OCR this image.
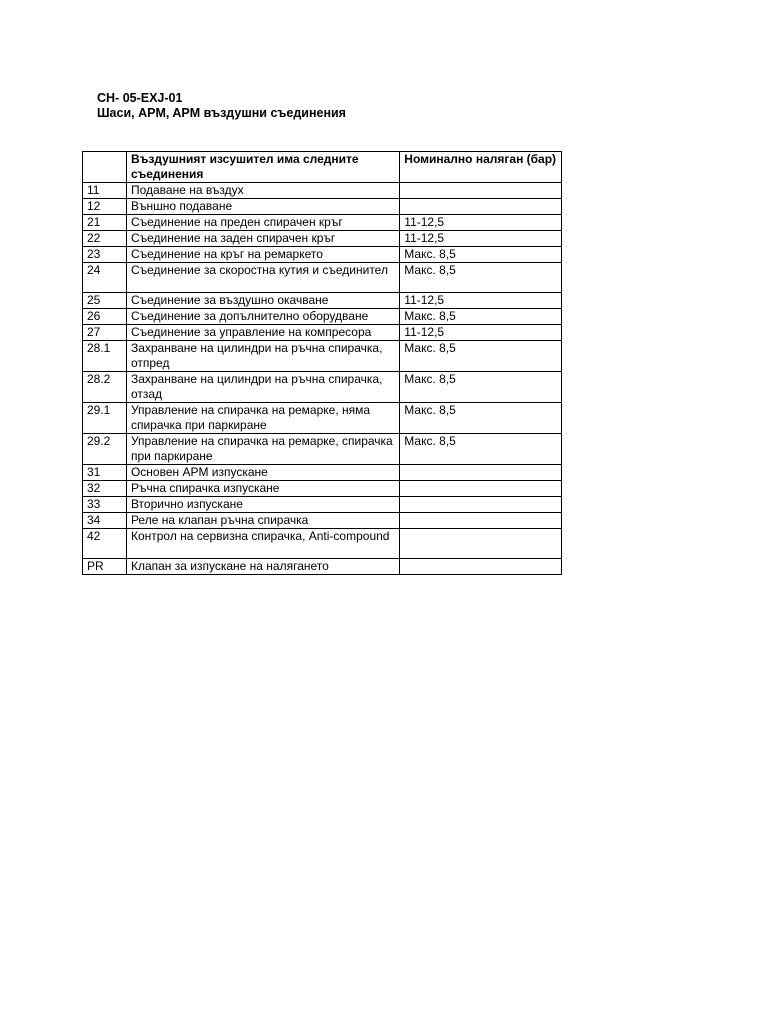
CH- 05-EXJ-01
Шаси, APM, APM въздушни съединения
	Въздушният изсушител има следните съединения	Номинално наляган (бар)
11	Подаване на въздух	
12	Външно подаване	
21	Съединение на преден спирачен кръг	11-12,5
22	Съединение на заден спирачен кръг	11-12,5
23	Съединение на кръг на ремаркето	Макс. 8,5
24	Съединение за скоростна кутия и съединител	Макс. 8,5
25	Съединение за въздушно окачване	11-12,5
26	Съединение за допълнително оборудване	Макс. 8,5
27	Съединение за управление на компресора	11-12,5
28.1	Захранване на цилиндри на ръчна спирачка, отпред	Макс. 8,5
28.2	Захранване на цилиндри на ръчна спирачка, отзад	Макс. 8,5
29.1	Управление на спирачка на ремарке, няма спирачка при паркиране	Макс. 8,5
29.2	Управление на спирачка на ремарке, спирачка при паркиране	Макс. 8,5
31	Основен APM изпускане	
32	Ръчна спирачка изпускане	
33	Вторично изпускане	
34	Реле на клапан ръчна спирачка	
42	Контрол на сервизна спирачка, Anti-compound	
PR	Клапан за изпускане на налягането	
